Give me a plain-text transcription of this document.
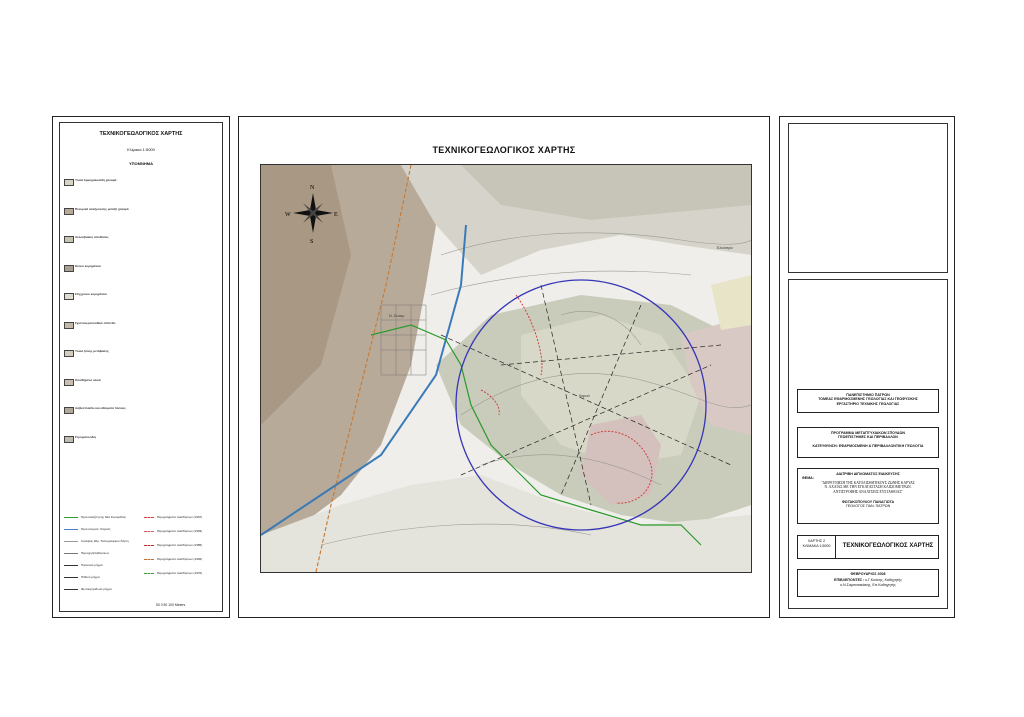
ΤΕΧΝΙΚΟΓΕΩΛΟΓΙΚΟΣ ΧΑΡΤΗΣ
Κλίμακα 1:5000
ΥΠΟΜΝΗΜΑ
Υλικά Αμμοχαλικώδη χαλαρά
Πλευρικά σκλήρυνσης μεταξύ χαλαρά
Αλλουβιακές αποθέσεις
Κώνοι κορημάτων
Σύγχρονοι κορημάτων
Σχιστοκερατολιθικό επίπεδο
Υλικά ζώνης μετάβασης
Ολισθημένα υλικά
Ασβεστόλιθοι και λιθώματα πλέιους
Στρωματοειδές
Όρια αναζήτησης Νέα Ζωσιμάδας
Όρια ανομοπ. Καρυάς
Ίσοϋψείς 20μ. Τοπογραφικού Χάρτη
Περιοχή Επιβλύσεων
Τεκτονικό ρήγμα
Πιθανό ρήγμα
Φωτοκρηνίδωτα ρήγμα
Περιγράμματα ολισθήσεων (1997)
Περιγράμματα ολισθήσεων (1993)
Περιγράμματα ολισθήσεων (1985)
Περιγράμματα ολισθήσεων (1992)
Περιγράμματα ολισθήσεων (1970)
50 0 50 100 Meters
ΤΕΧΝΙΚΟΓΕΩΛΟΓΙΚΟΣ ΧΑΡΤΗΣ
N
S
E
W
Ν. Ζωσιμ.
Καρυά
Ελεύστρα
ΠΑΝΕΠΙΣΤΗΜΙΟ ΠΑΤΡΩΝ
ΤΟΜΕΑΣ ΕΦΑΡΜΟΣΜΕΝΗΣ ΓΕΩΛΟΓΙΑΣ ΚΑΙ ΓΕΩΦΥΣΙΚΗΣ
ΕΡΓΑΣΤΗΡΙΟ ΤΕΧΝΙΚΗΣ ΓΕΩΛΟΓΙΑΣ
ΠΡΟΓΡΑΜΜΑ ΜΕΤΑΠΤΥΧΙΑΚΩΝ ΣΠΟΥΔΩΝ
ΓΕΩΕΠΙΣΤΗΜΕΣ ΚΑΙ ΠΕΡΙΒΑΛΛΟΝ
ΚΑΤΕΥΘΥΝΣΗ: ΕΦΑΡΜΟΣΜΕΝΗ & ΠΕΡΙΒΑΛΛΟΝΤΙΚΗ ΓΕΩΛΟΓΙΑ
ΔΙΑΤΡΙΒΗ ΔΙΠΛΩΜΑΤΟΣ ΕΙΔΙΚΕΥΣΗΣ
ΘΕΜΑ:
"ΔΙΕΡΕΥΝΗΣΗ ΤΗΣ ΚΑΤΟΛΙΣΘΗΤΙΚΟΥΣ ΖΩΝΗΣ ΚΑΡΥΑΣ
Ν. ΑΧΑΪΑΣ ΜΕ ΤΗΝ ΕΓΚΑΤΑΣΤΑΣΗ ΚΛΙΣΙΟΜΕΤΡΩΝ.
ΑΝΤΙΣΤΡΟΦΗΣ ΑΝΑΛΥΣΕΙΣ ΕΥΣΤΑΘΕΙΑΣ"
ΦΩΤΑΚΟΠΟΥΛΟΥ ΠΑΝΑΓΙΩΤΑ
ΓΕΩΛΟΓΟΣ ΠΑΝ. ΠΑΤΡΩΝ
ΧΑΡΤΗΣ 2
ΚΛΙΜΑΚΑ 1:5000	ΤΕΧΝΙΚΟΓΕΩΛΟΓΙΚΟΣ ΧΑΡΤΗΣ
ΦΕΒΡΟΥΑΡΙΟΣ 2008
ΕΠΙΒΛΕΠΟΝΤΕΣ : κ.Γ.Κούκης, Καθηγητής
κ.Ν.Σαμπατακάκης, Επ.Καθηγητής
